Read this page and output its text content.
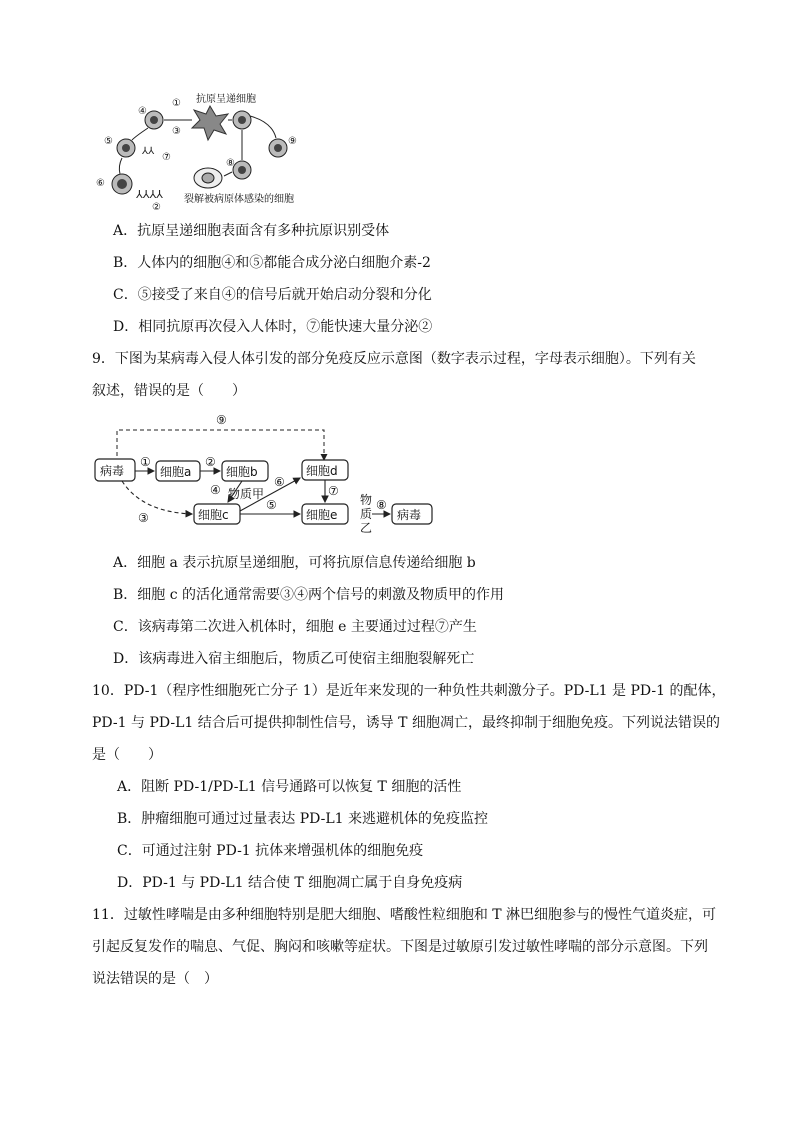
抗原呈递细胞
⅄⅄
⅄⅄⅄⅄
①
②
③
④
⑤
⑥
⑦
⑧
⑨
裂解被病原体感染的细胞
A．抗原呈递细胞表面含有多种抗原识别受体
B．人体内的细胞④和⑤都能合成分泌白细胞介素-2
C．⑤接受了来自④的信号后就开始启动分裂和分化
D．相同抗原再次侵入人体时，⑦能快速大量分泌②
9．下图为某病毒入侵人体引发的部分免疫反应示意图（数字表示过程，字母表示细胞）。下列有关
叙述，错误的是（　　）
⑨
病毒	细胞a	细胞b	细胞d
细胞c	细胞e	病毒
物质甲	物
质
乙
①	②
③
④
⑤
⑥
⑦
⑧
A．细胞 a 表示抗原呈递细胞，可将抗原信息传递给细胞 b
B．细胞 c 的活化通常需要③④两个信号的刺激及物质甲的作用
C．该病毒第二次进入机体时，细胞 e 主要通过过程⑦产生
D．该病毒进入宿主细胞后，物质乙可使宿主细胞裂解死亡
10．PD-1（程序性细胞死亡分子 1）是近年来发现的一种负性共刺激分子。PD-L1 是 PD-1 的配体，
PD-1 与 PD-L1 结合后可提供抑制性信号，诱导 T 细胞凋亡，最终抑制于细胞免疫。下列说法错误的
是（　　）
A．阻断 PD-1/PD-L1 信号通路可以恢复 T 细胞的活性
B．肿瘤细胞可通过过量表达 PD-L1 来逃避机体的免疫监控
C．可通过注射 PD-1 抗体来增强机体的细胞免疫
D．PD-1 与 PD-L1 结合使 T 细胞凋亡属于自身免疫病
11．过敏性哮喘是由多种细胞特别是肥大细胞、嗜酸性粒细胞和 T 淋巴细胞参与的慢性气道炎症，可
引起反复发作的喘息、气促、胸闷和咳嗽等症状。下图是过敏原引发过敏性哮喘的部分示意图。下列
说法错误的是（　）
